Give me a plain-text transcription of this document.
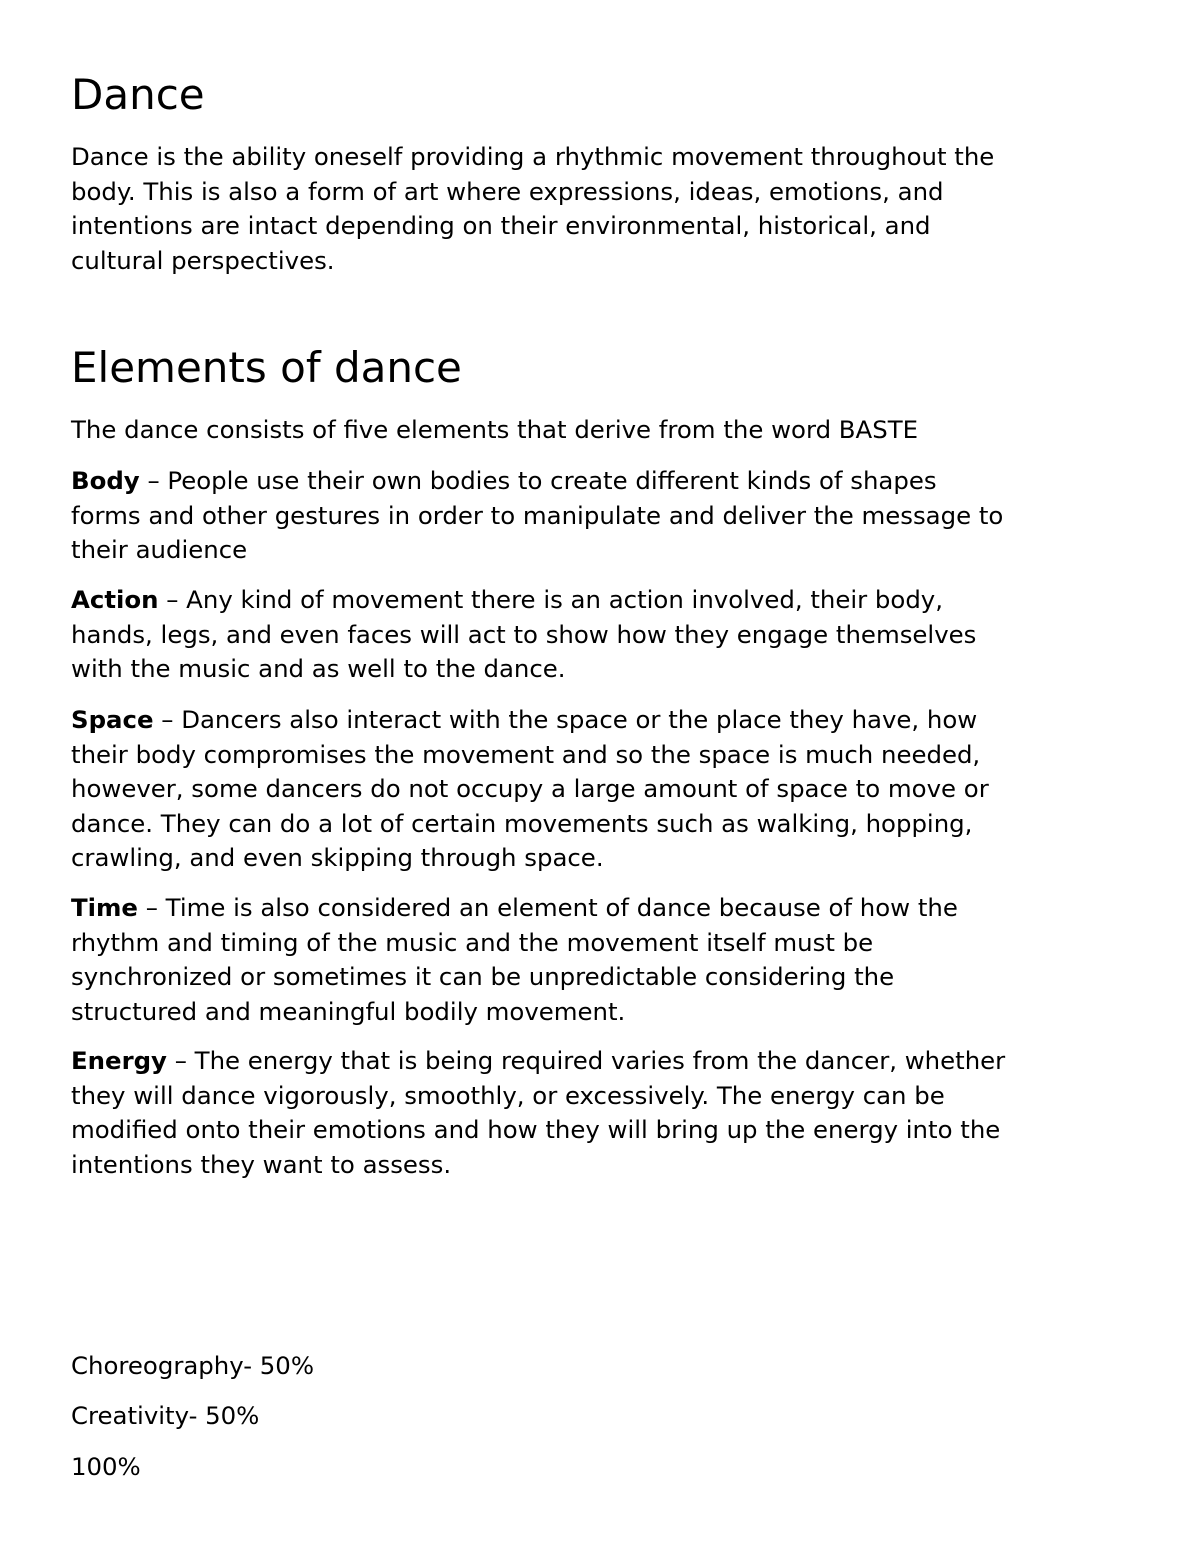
Dance
Dance is the ability oneself providing a rhythmic movement throughout the
body. This is also a form of art where expressions, ideas, emotions, and
intentions are intact depending on their environmental, historical, and
cultural perspectives.
Elements of dance
The dance consists of five elements that derive from the word BASTE
Body – People use their own bodies to create different kinds of shapes
forms and other gestures in order to manipulate and deliver the message to
their audience
Action – Any kind of movement there is an action involved, their body,
hands, legs, and even faces will act to show how they engage themselves
with the music and as well to the dance.
Space – Dancers also interact with the space or the place they have, how
their body compromises the movement and so the space is much needed,
however, some dancers do not occupy a large amount of space to move or
dance. They can do a lot of certain movements such as walking, hopping,
crawling, and even skipping through space.
Time – Time is also considered an element of dance because of how the
rhythm and timing of the music and the movement itself must be
synchronized or sometimes it can be unpredictable considering the
structured and meaningful bodily movement.
Energy – The energy that is being required varies from the dancer, whether
they will dance vigorously, smoothly, or excessively. The energy can be
modified onto their emotions and how they will bring up the energy into the
intentions they want to assess.
Choreography- 50%
Creativity- 50%
100%
